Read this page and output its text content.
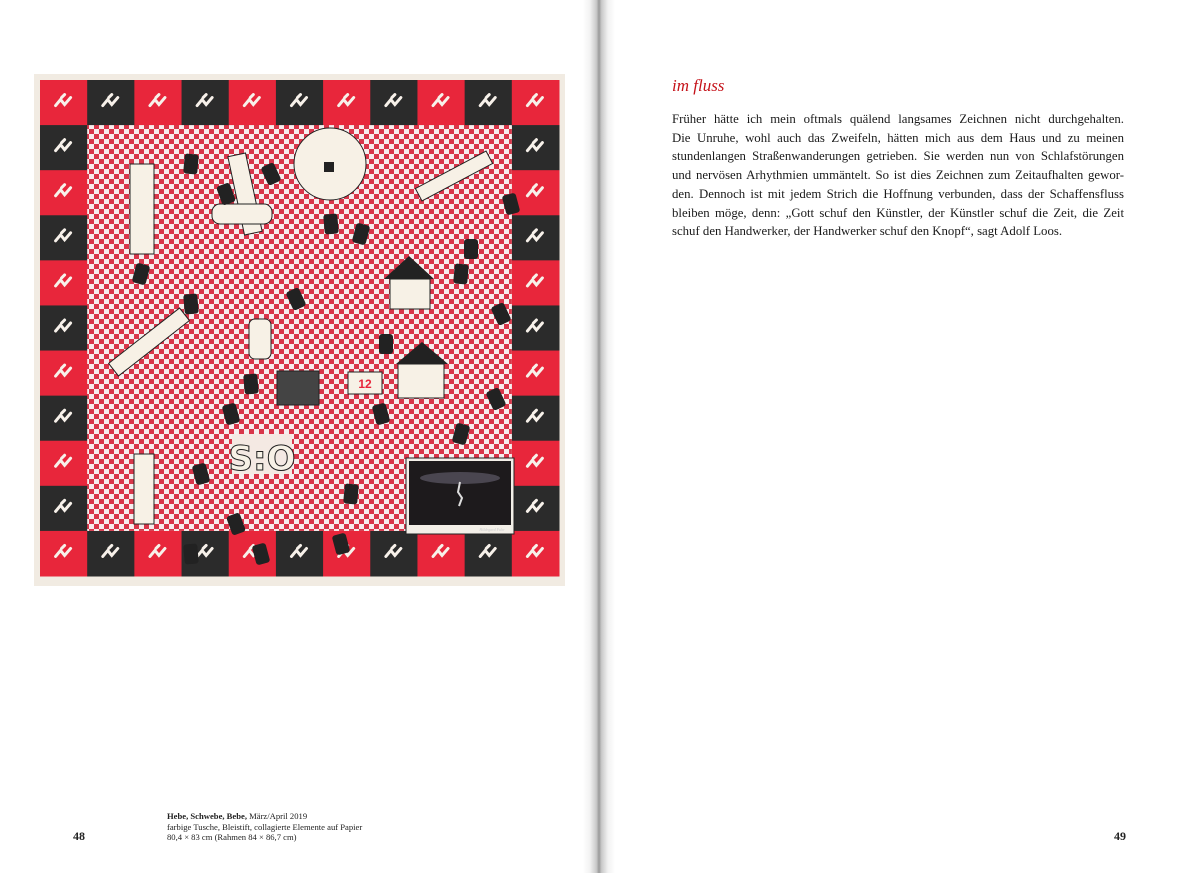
12
S:O
Hildegard Fuhr
Hebe, Schwebe, Bebe, März/April 2019
farbige Tusche, Bleistift, collagierte Elemente auf Papier
80,4 × 83 cm (Rahmen 84 × 86,7 cm)
48
im fluss
Früher hätte ich mein oftmals quälend langsames Zeichnen nicht durchgehalten.
Die Unruhe, wohl auch das Zweifeln, hätten mich aus dem Haus und zu meinen
stundenlangen Straßenwanderungen getrieben. Sie werden nun von Schlafstörungen
und nervösen Arhythmien ummäntelt. So ist dies Zeichnen zum Zeitaufhalten gewor-
den. Dennoch ist mit jedem Strich die Hoffnung verbunden, dass der Schaffensfluss
bleiben möge, denn: „Gott schuf den Künstler, der Künstler schuf die Zeit, die Zeit
schuf den Handwerker, der Handwerker schuf den Knopf“, sagt Adolf Loos.
49
